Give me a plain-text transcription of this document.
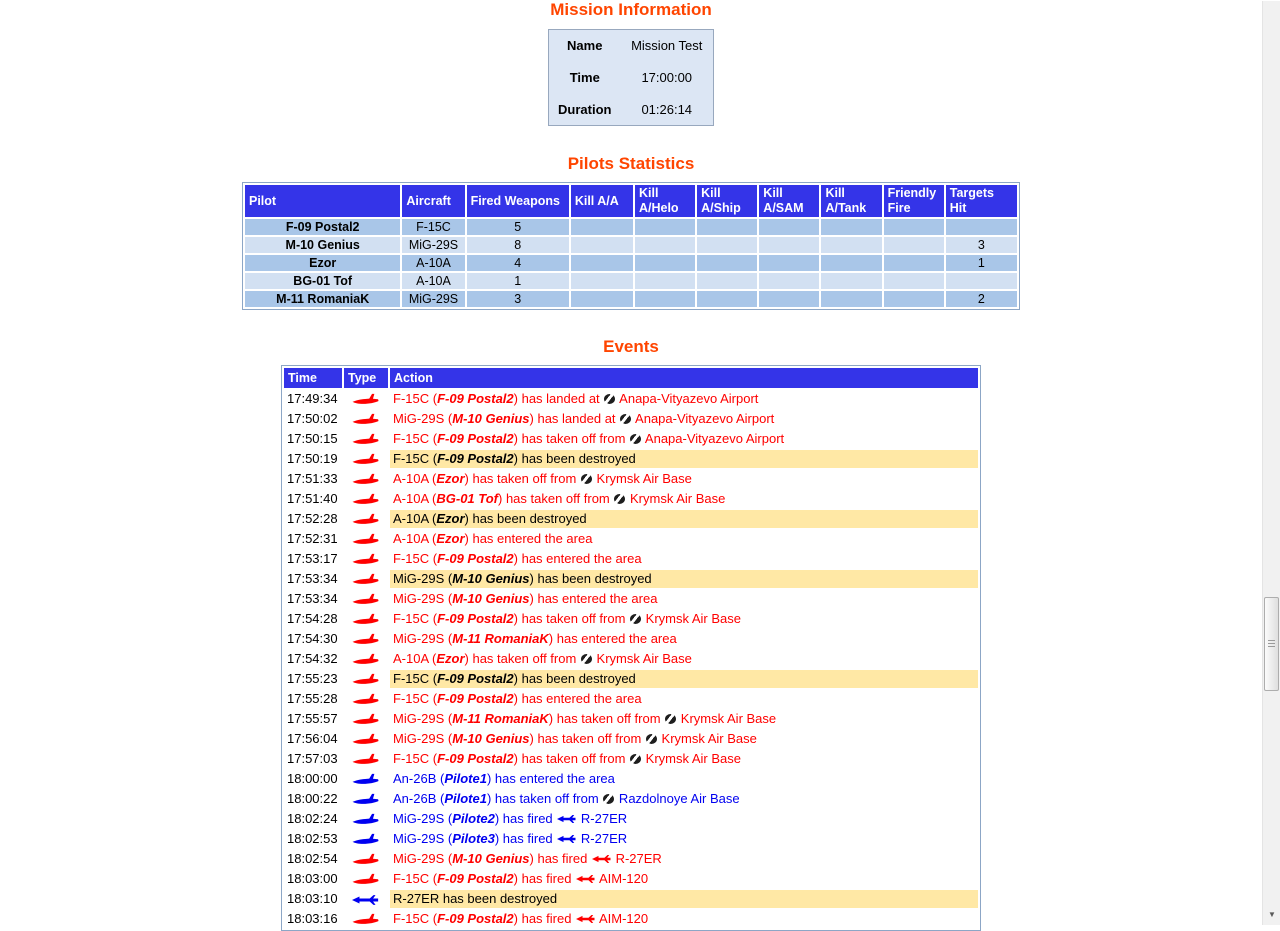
Mission Information
Name	Mission Test
Time	17:00:00
Duration	01:26:14
Pilots Statistics
Pilot	Aircraft	Fired Weapons	Kill A/A	Kill A/Helo	Kill A/Ship	Kill A/SAM	Kill A/Tank	Friendly Fire	Targets Hit
F-09 Postal2	F-15C	5							
M-10 Genius	MiG-29S	8							3
Ezor	A-10A	4							1
BG-01 Tof	A-10A	1							
M-11 RomaniaK	MiG-29S	3							2
Events
Time	Type	Action
17:49:34		F-15C (F-09 Postal2) has landed at  Anapa-Vityazevo Airport
17:50:02		MiG-29S (M-10 Genius) has landed at  Anapa-Vityazevo Airport
17:50:15		F-15C (F-09 Postal2) has taken off from  Anapa-Vityazevo Airport
17:50:19		F-15C (F-09 Postal2) has been destroyed
17:51:33		A-10A (Ezor) has taken off from  Krymsk Air Base
17:51:40		A-10A (BG-01 Tof) has taken off from  Krymsk Air Base
17:52:28		A-10A (Ezor) has been destroyed
17:52:31		A-10A (Ezor) has entered the area
17:53:17		F-15C (F-09 Postal2) has entered the area
17:53:34		MiG-29S (M-10 Genius) has been destroyed
17:53:34		MiG-29S (M-10 Genius) has entered the area
17:54:28		F-15C (F-09 Postal2) has taken off from  Krymsk Air Base
17:54:30		MiG-29S (M-11 RomaniaK) has entered the area
17:54:32		A-10A (Ezor) has taken off from  Krymsk Air Base
17:55:23		F-15C (F-09 Postal2) has been destroyed
17:55:28		F-15C (F-09 Postal2) has entered the area
17:55:57		MiG-29S (M-11 RomaniaK) has taken off from  Krymsk Air Base
17:56:04		MiG-29S (M-10 Genius) has taken off from  Krymsk Air Base
17:57:03		F-15C (F-09 Postal2) has taken off from  Krymsk Air Base
18:00:00		An-26B (Pilote1) has entered the area
18:00:22		An-26B (Pilote1) has taken off from  Razdolnoye Air Base
18:02:24		MiG-29S (Pilote2) has fired  R-27ER
18:02:53		MiG-29S (Pilote3) has fired  R-27ER
18:02:54		MiG-29S (M-10 Genius) has fired  R-27ER
18:03:00		F-15C (F-09 Postal2) has fired  AIM-120
18:03:10		R-27ER has been destroyed
18:03:16		F-15C (F-09 Postal2) has fired  AIM-120	▼
